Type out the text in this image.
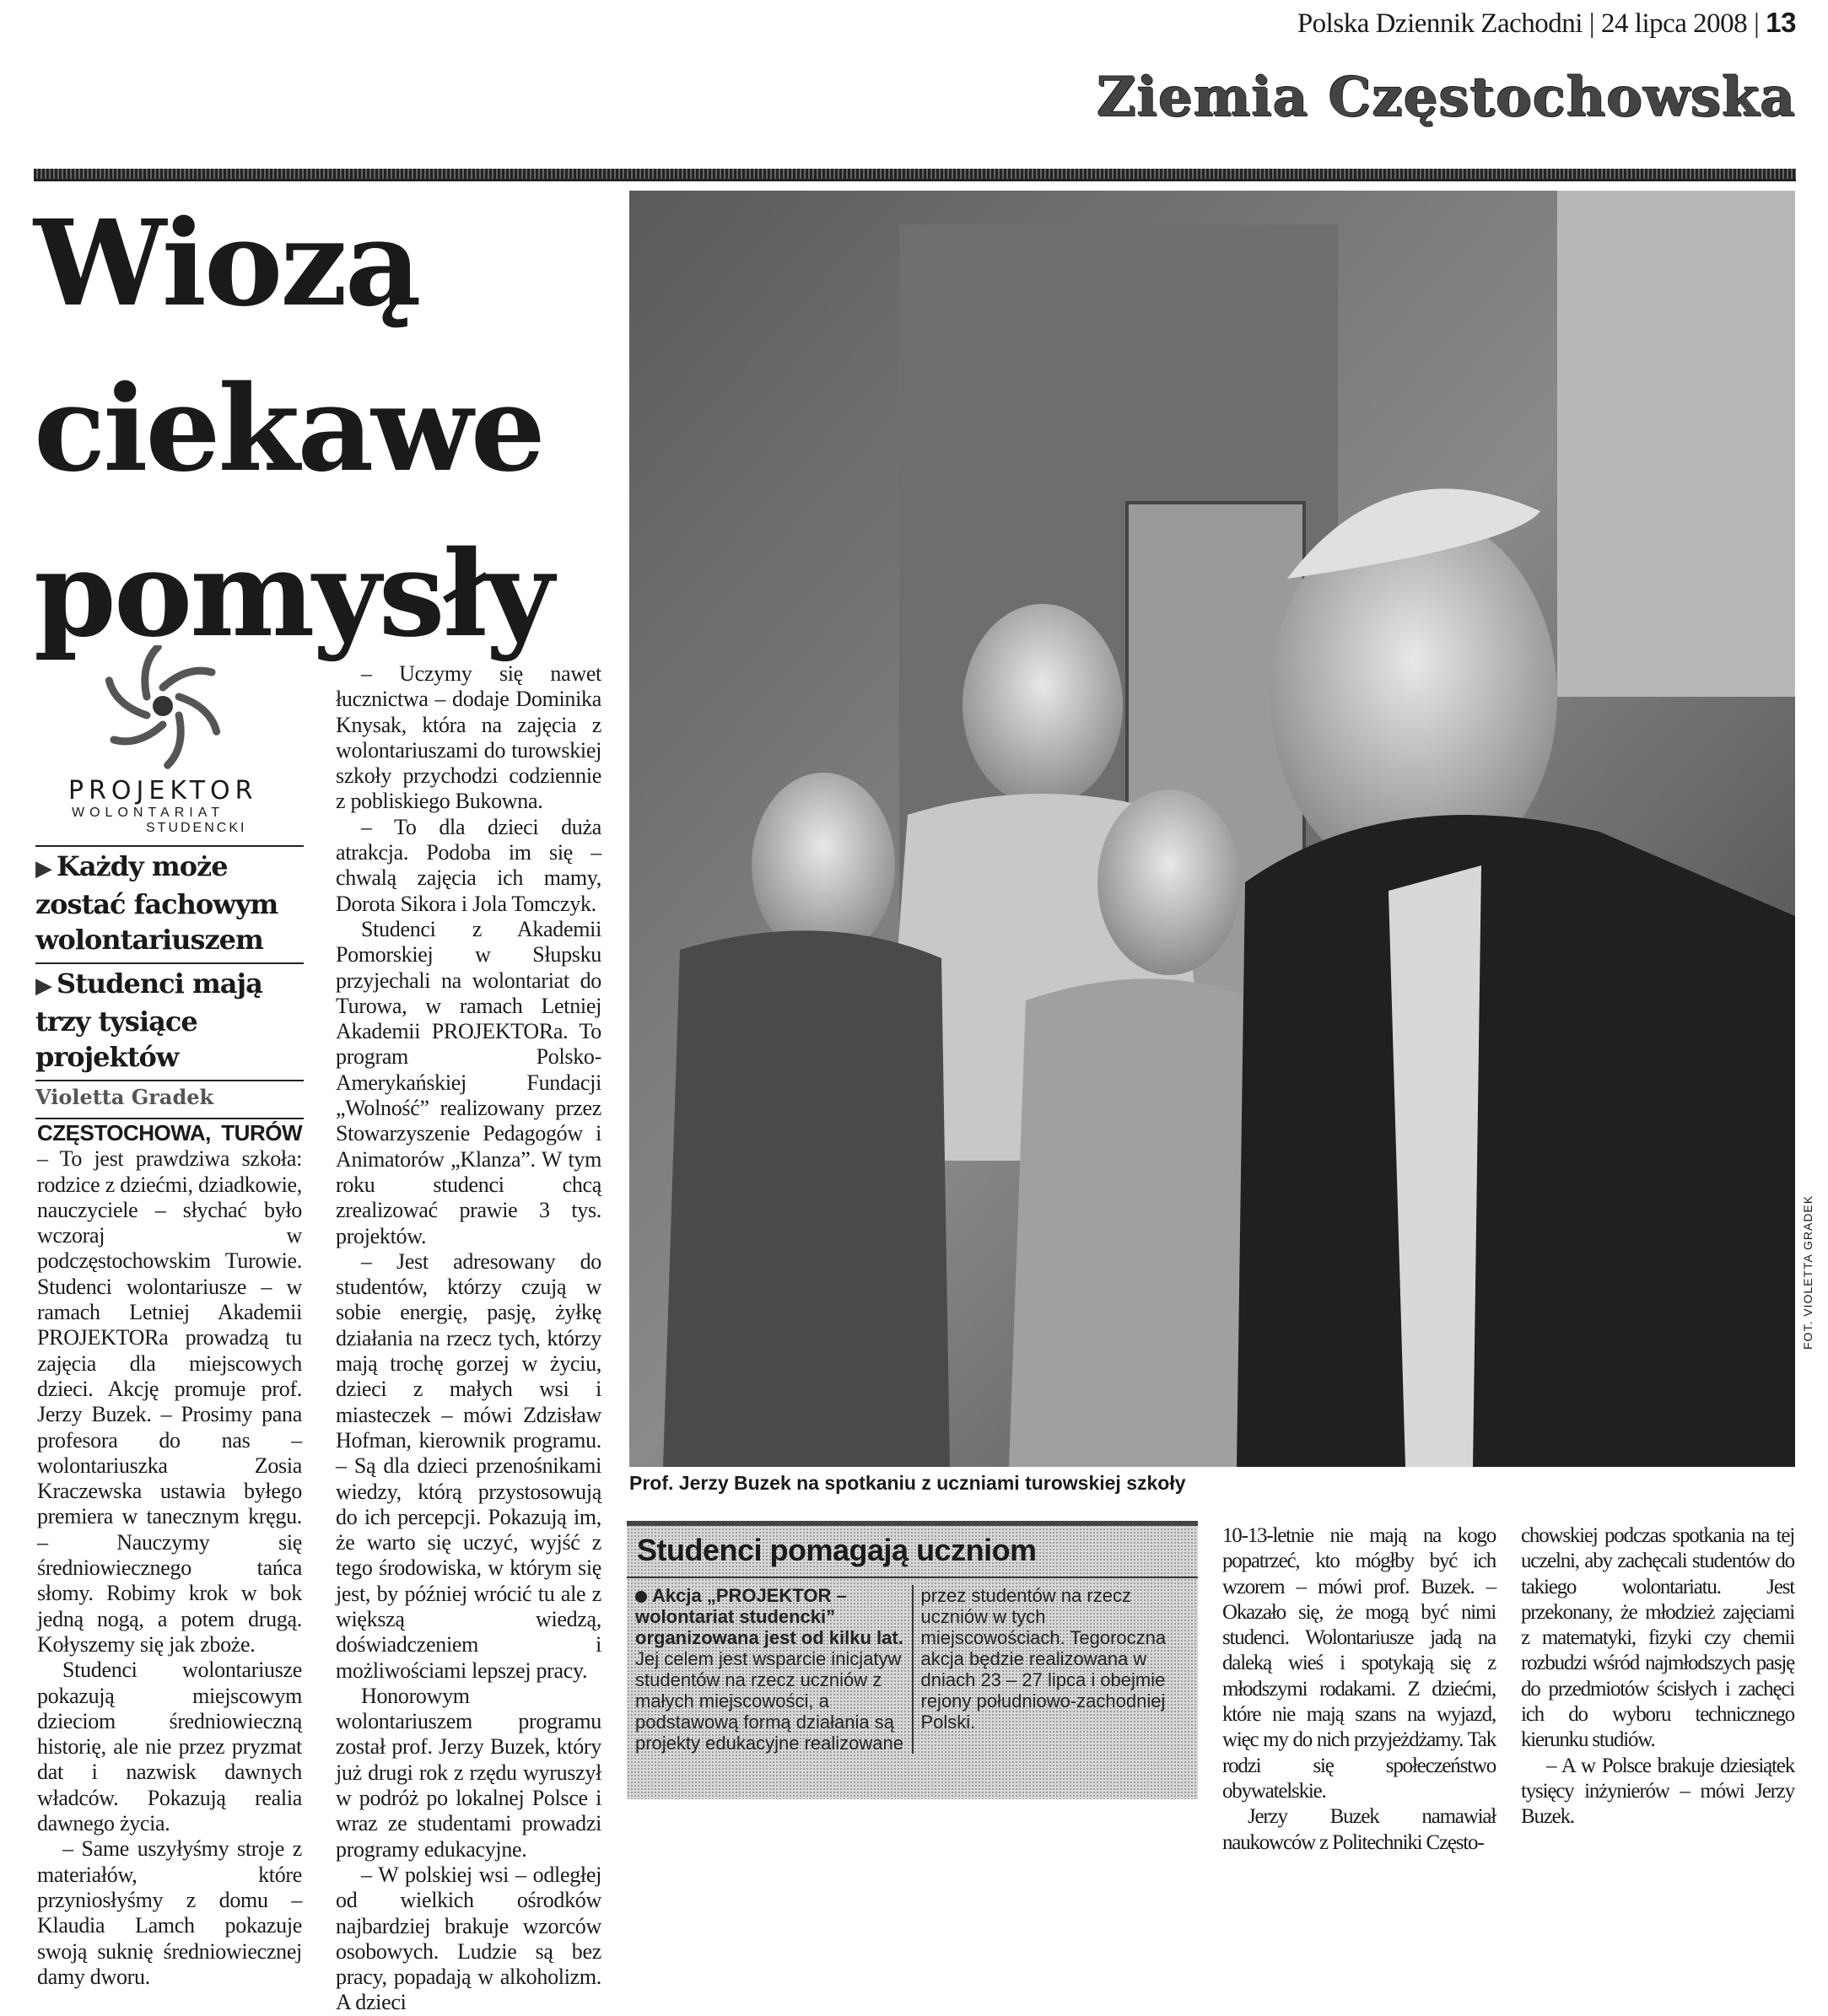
Polska Dziennik Zachodni | 24 lipca 2008 | 13
Ziemia Częstochowska
Wiozą
ciekawe
pomysły
PROJEKTOR
WOLONTARIAT
STUDENCKI
▶ Każdy może zostać fachowym wolontariuszem
▶ Studenci mają trzy tysiące projektów
Violetta Gradek

CZĘSTOCHOWA, TURÓW – To jest prawdziwa szkoła: rodzice z dziećmi, dziadkowie, nauczyciele – słychać było wczoraj w podczęstochowskim Turowie. Studenci wolontariusze – w ramach Letniej Akademii PROJEKTORa prowadzą tu zajęcia dla miejscowych dzieci. Akcję promuje prof. Jerzy Buzek. – Prosimy pana profesora do nas – wolontariuszka Zosia Kraczewska ustawia byłego premiera w tanecznym kręgu. – Nauczymy się średniowiecznego tańca słomy. Robimy krok w bok jedną nogą, a potem drugą. Kołyszemy się jak zboże.

Studenci wolontariusze pokazują miejscowym dzieciom średniowieczną historię, ale nie przez pryzmat dat i nazwisk dawnych władców. Pokazują realia dawnego życia.

– Same uszyłyśmy stroje z materiałów, które przyniosłyśmy z domu – Klaudia Lamch pokazuje swoją suknię średniowiecznej damy dworu.

– Uczymy się nawet łucznictwa – dodaje Dominika Knysak, która na zajęcia z wolontariuszami do turowskiej szkoły przychodzi codziennie z pobliskiego Bukowna.

– To dla dzieci duża atrakcja. Podoba im się – chwalą zajęcia ich mamy, Dorota Sikora i Jola Tomczyk.

Studenci z Akademii Pomorskiej w Słupsku przyjechali na wolontariat do Turowa, w ramach Letniej Akademii PROJEKTORa. To program Polsko-Amerykańskiej Fundacji „Wolność” realizowany przez Stowarzyszenie Pedagogów i Animatorów „Klanza”. W tym roku studenci chcą zrealizować prawie 3 tys. projektów.

– Jest adresowany do studentów, którzy czują w sobie energię, pasję, żyłkę działania na rzecz tych, którzy mają trochę gorzej w życiu, dzieci z małych wsi i miasteczek – mówi Zdzisław Hofman, kierownik programu. – Są dla dzieci przenośnikami wiedzy, którą przystosowują do ich percepcji. Pokazują im, że warto się uczyć, wyjść z tego środowiska, w którym się jest, by później wrócić tu ale z większą wiedzą, doświadczeniem i możliwościami lepszej pracy.

Honorowym wolontariuszem programu został prof. Jerzy Buzek, który już drugi rok z rzędu wyruszył w podróż po lokalnej Polsce i wraz ze studentami prowadzi programy edukacyjne.

– W polskiej wsi – odległej od wielkich ośrodków najbardziej brakuje wzorców osobowych. Ludzie są bez pracy, popadają w alkoholizm. A dzieci

FOT. VIOLETTA GRADEK
Prof. Jerzy Buzek na spotkaniu z uczniami turowskiej szkoły
Studenci pomagają uczniom
Akcja „PROJEKTOR – wolontariat studencki” organizowana jest od kilku lat. Jej celem jest wsparcie inicjatyw studentów na rzecz uczniów z małych miejscowości, a podstawową formą działania są projekty edukacyjne realizowane przez studentów na rzecz uczniów w tych miejscowościach. Tegoroczna akcja będzie realizowana w dniach 23 – 27 lipca i obejmie rejony południowo-zachodniej Polski.

10-13-letnie nie mają na kogo popatrzeć, kto mógłby być ich wzorem – mówi prof. Buzek. – Okazało się, że mogą być nimi studenci. Wolontariusze jadą na daleką wieś i spotykają się z młodszymi rodakami. Z dziećmi, które nie mają szans na wyjazd, więc my do nich przyjeżdżamy. Tak rodzi się społeczeństwo obywatelskie.

Jerzy Buzek namawiał naukowców z Politechniki Często-

chowskiej podczas spotkania na tej uczelni, aby zachęcali studentów do takiego wolontariatu. Jest przekonany, że młodzież zajęciami z matematyki, fizyki czy chemii rozbudzi wśród najmłodszych pasję do przedmiotów ścisłych i zachęci ich do wyboru technicznego kierunku studiów.

– A w Polsce brakuje dziesiątek tysięcy inżynierów – mówi Jerzy Buzek.
